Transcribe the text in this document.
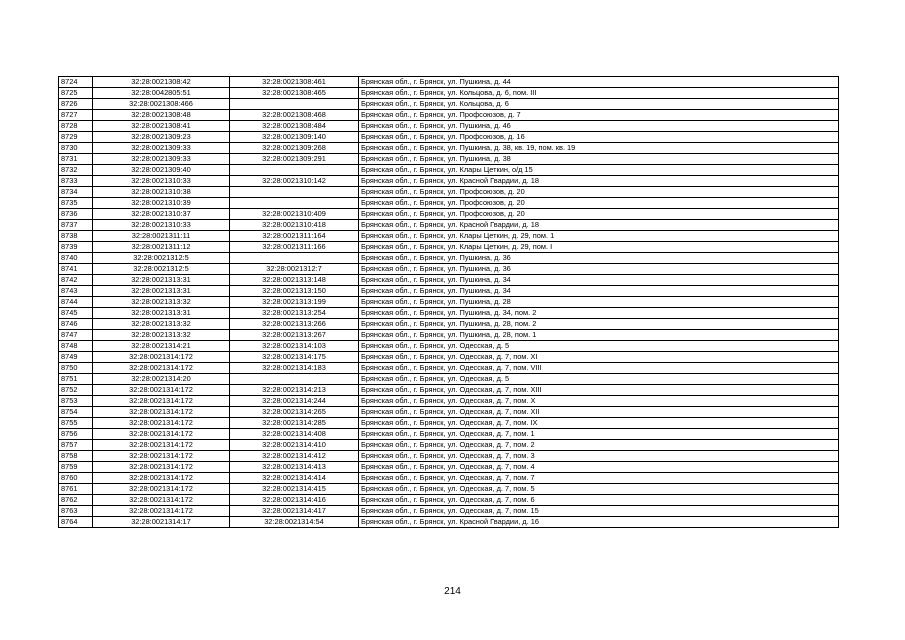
8724	32:28:0021308:42	32:28:0021308:461	Брянская обл., г. Брянск, ул. Пушкина, д. 44
8725	32:28:0042805:51	32:28:0021308:465	Брянская обл., г. Брянск, ул. Кольцова, д. 6, пом. III
8726	32:28:0021308:466		Брянская обл., г. Брянск, ул. Кольцова, д. 6
8727	32:28:0021308:48	32:28:0021308:468	Брянская обл., г. Брянск, ул. Профсоюзов, д. 7
8728	32:28:0021308:41	32:28:0021308:484	Брянская обл., г. Брянск, ул. Пушкина, д. 46
8729	32:28:0021309:23	32:28:0021309:140	Брянская обл., г. Брянск, ул. Профсоюзов, д. 16
8730	32:28:0021309:33	32:28:0021309:268	Брянская обл., г. Брянск, ул. Пушкина, д. 38, кв. 19, пом. кв. 19
8731	32:28:0021309:33	32:28:0021309:291	Брянская обл., г. Брянск, ул. Пушкина, д. 38
8732	32:28:0021309:40		Брянская обл., г. Брянск, ул. Клары Цеткин, о/д 15
8733	32:28:0021310:33	32:28:0021310:142	Брянская обл., г. Брянск, ул. Красной Гвардии, д. 18
8734	32:28:0021310:38		Брянская обл., г. Брянск, ул. Профсоюзов, д. 20
8735	32:28:0021310:39		Брянская обл., г. Брянск, ул. Профсоюзов, д. 20
8736	32:28:0021310:37	32:28:0021310:409	Брянская обл., г. Брянск, ул. Профсоюзов, д. 20
8737	32:28:0021310:33	32:28:0021310:418	Брянская обл., г. Брянск, ул. Красной Гвардии, д. 18
8738	32:28:0021311:11	32:28:0021311:164	Брянская обл., г. Брянск, ул. Клары Цеткин, д. 29, пом. 1
8739	32:28:0021311:12	32:28:0021311:166	Брянская обл., г. Брянск, ул. Клары Цеткин, д. 29, пом. I
8740	32:28:0021312:5		Брянская обл., г. Брянск, ул. Пушкина, д. 36
8741	32:28:0021312:5	32:28:0021312:7	Брянская обл., г. Брянск, ул. Пушкина, д. 36
8742	32:28:0021313:31	32:28:0021313:148	Брянская обл., г. Брянск, ул. Пушкина, д. 34
8743	32:28:0021313:31	32:28:0021313:150	Брянская обл., г. Брянск, ул. Пушкина, д. 34
8744	32:28:0021313:32	32:28:0021313:199	Брянская обл., г. Брянск, ул. Пушкина, д. 28
8745	32:28:0021313:31	32:28:0021313:254	Брянская обл., г. Брянск, ул. Пушкина, д. 34, пом. 2
8746	32:28:0021313:32	32:28:0021313:266	Брянская обл., г. Брянск, ул. Пушкина, д. 28, пом. 2
8747	32:28:0021313:32	32:28:0021313:267	Брянская обл., г. Брянск, ул. Пушкина, д. 28, пом. 1
8748	32:28:0021314:21	32:28:0021314:103	Брянская обл., г. Брянск, ул. Одесская, д. 5
8749	32:28:0021314:172	32:28:0021314:175	Брянская обл., г. Брянск, ул. Одесская, д. 7, пом. XI
8750	32:28:0021314:172	32:28:0021314:183	Брянская обл., г. Брянск, ул. Одесская, д. 7, пом. VIII
8751	32:28:0021314:20		Брянская обл., г. Брянск, ул. Одесская, д. 5
8752	32:28:0021314:172	32:28:0021314:213	Брянская обл., г. Брянск, ул. Одесская, д. 7, пом. XIII
8753	32:28:0021314:172	32:28:0021314:244	Брянская обл., г. Брянск, ул. Одесская, д. 7, пом. X
8754	32:28:0021314:172	32:28:0021314:265	Брянская обл., г. Брянск, ул. Одесская, д. 7, пом. XII
8755	32:28:0021314:172	32:28:0021314:285	Брянская обл., г. Брянск, ул. Одесская, д. 7, пом. IX
8756	32:28:0021314:172	32:28:0021314:408	Брянская обл., г. Брянск, ул. Одесская, д. 7, пом. 1
8757	32:28:0021314:172	32:28:0021314:410	Брянская обл., г. Брянск, ул. Одесская, д. 7, пом. 2
8758	32:28:0021314:172	32:28:0021314:412	Брянская обл., г. Брянск, ул. Одесская, д. 7, пом. 3
8759	32:28:0021314:172	32:28:0021314:413	Брянская обл., г. Брянск, ул. Одесская, д. 7, пом. 4
8760	32:28:0021314:172	32:28:0021314:414	Брянская обл., г. Брянск, ул. Одесская, д. 7, пом. 7
8761	32:28:0021314:172	32:28:0021314:415	Брянская обл., г. Брянск, ул. Одесская, д. 7, пом. 5
8762	32:28:0021314:172	32:28:0021314:416	Брянская обл., г. Брянск, ул. Одесская, д. 7, пом. 6
8763	32:28:0021314:172	32:28:0021314:417	Брянская обл., г. Брянск, ул. Одесская, д. 7, пом. 15
8764	32:28:0021314:17	32:28:0021314:54	Брянская обл., г. Брянск, ул. Красной Гвардии, д. 16
214
